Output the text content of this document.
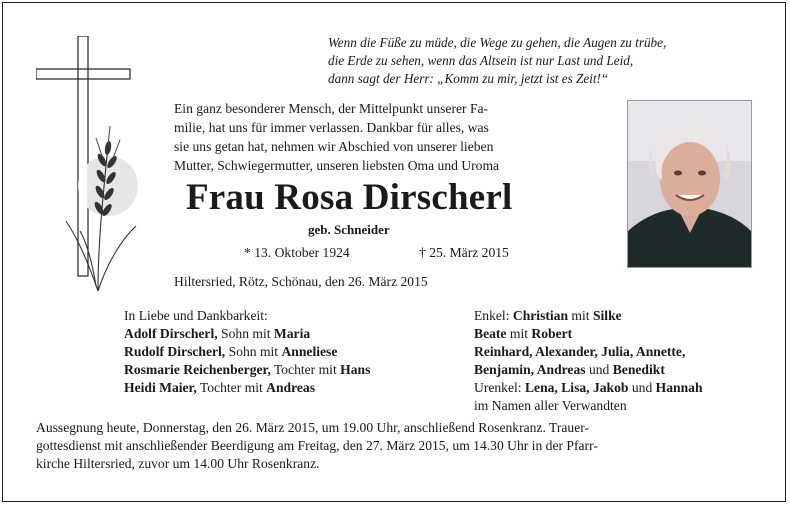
Wenn die Füße zu müde, die Wege zu gehen, die Augen zu trübe,
die Erde zu sehen, wenn das Altsein ist nur Last und Leid,
dann sagt der Herr: „Komm zu mir, jetzt ist es Zeit!“
Ein ganz besonderer Mensch, der Mittelpunkt unserer Fa-
milie, hat uns für immer verlassen. Dankbar für alles, was
sie uns getan hat, nehmen wir Abschied von unserer lieben
Mutter, Schwiegermutter, unseren liebsten Oma und Uroma
Frau Rosa Dirscherl
geb. Schneider
* 13. Oktober 1924	† 25. März 2015
Hiltersried, Rötz, Schönau, den 26. März 2015
In Liebe und Dankbarkeit:
Adolf Dirscherl, Sohn mit Maria
Rudolf Dirscherl, Sohn mit Anneliese
Rosmarie Reichenberger, Tochter mit Hans
Heidi Maier, Tochter mit Andreas
Enkel: Christian mit Silke
Beate mit Robert
Reinhard, Alexander, Julia, Annette,
Benjamin, Andreas und Benedikt
Urenkel: Lena, Lisa, Jakob und Hannah
im Namen aller Verwandten
Aussegnung heute, Donnerstag, den 26. März 2015, um 19.00 Uhr, anschließend Rosenkranz. Trauer-
gottesdienst mit anschließender Beerdigung am Freitag, den 27. März 2015, um 14.30 Uhr in der Pfarr-
kirche Hiltersried, zuvor um 14.00 Uhr Rosenkranz.
